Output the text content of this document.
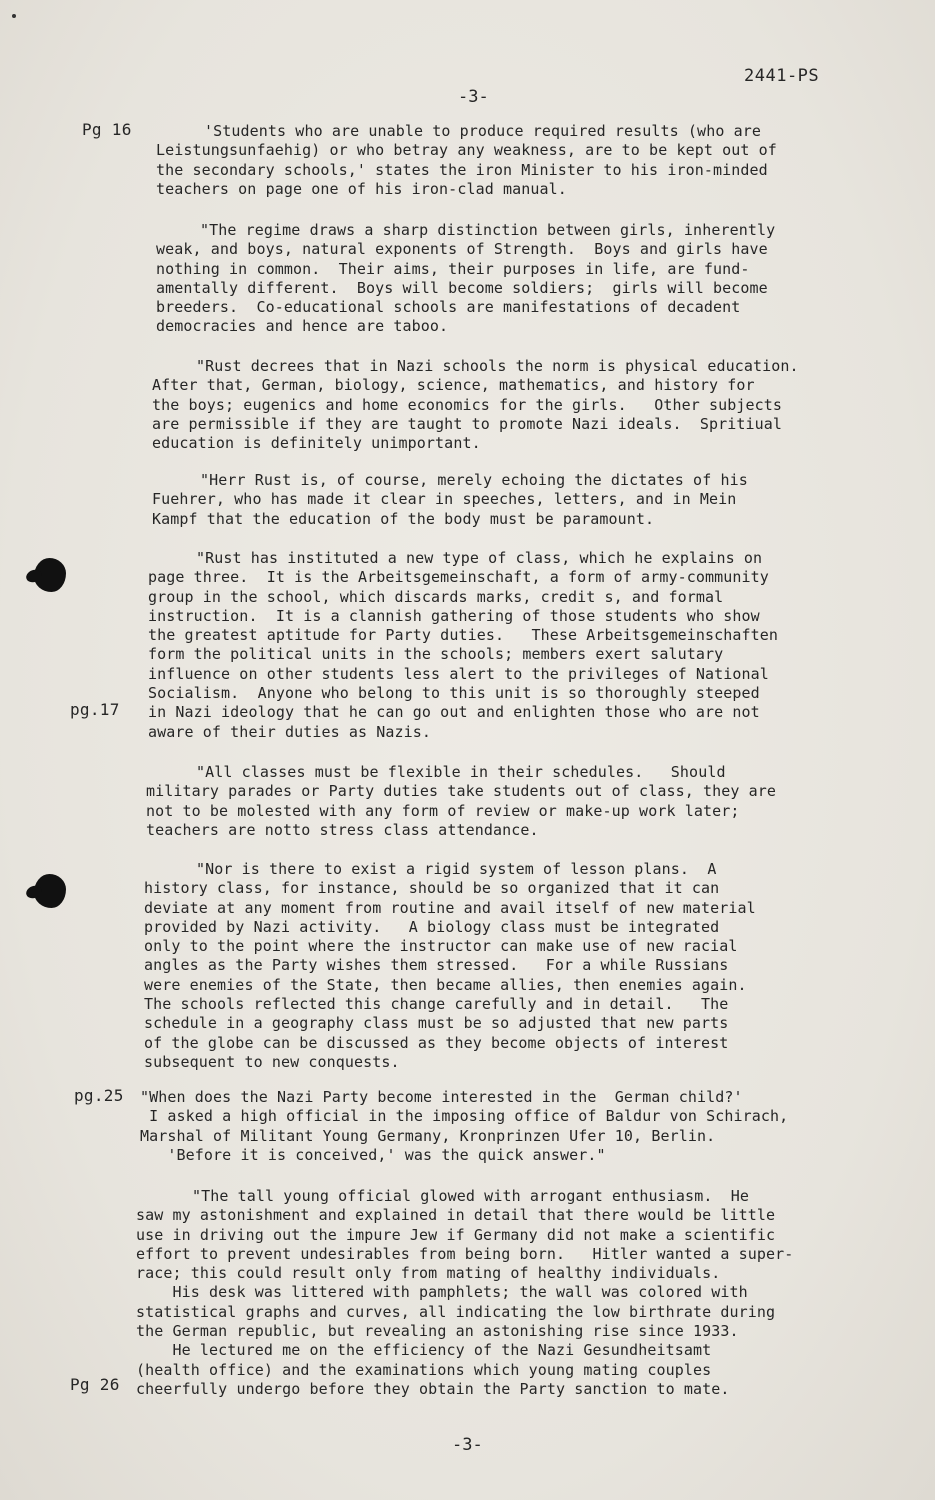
2441-PS
-3-
Pg 16
pg.17
pg.25
Pg 26
'Students who are unable to produce required results (who are
Leistungsunfaehig) or who betray any weakness, are to be kept out of
the secondary schools,' states the iron Minister to his iron-minded
teachers on page one of his iron-clad manual.
"The regime draws a sharp distinction between girls, inherently
weak, and boys, natural exponents of Strength.  Boys and girls have
nothing in common.  Their aims, their purposes in life, are fund-
amentally different.  Boys will become soldiers;  girls will become
breeders.  Co-educational schools are manifestations of decadent
democracies and hence are taboo.
"Rust decrees that in Nazi schools the norm is physical education.
After that, German, biology, science, mathematics, and history for
the boys; eugenics and home economics for the girls.   Other subjects
are permissible if they are taught to promote Nazi ideals.  Spritiual
education is definitely unimportant.
"Herr Rust is, of course, merely echoing the dictates of his
Fuehrer, who has made it clear in speeches, letters, and in Mein
Kampf that the education of the body must be paramount.
"Rust has instituted a new type of class, which he explains on
page three.  It is the Arbeitsgemeinschaft, a form of army-community
group in the school, which discards marks, credit s, and formal
instruction.  It is a clannish gathering of those students who show
the greatest aptitude for Party duties.   These Arbeitsgemeinschaften
form the political units in the schools; members exert salutary
influence on other students less alert to the privileges of National
Socialism.  Anyone who belong to this unit is so thoroughly steeped
in Nazi ideology that he can go out and enlighten those who are not
aware of their duties as Nazis.
"All classes must be flexible in their schedules.   Should
military parades or Party duties take students out of class, they are
not to be molested with any form of review or make-up work later;
teachers are notto stress class attendance.
"Nor is there to exist a rigid system of lesson plans.  A
history class, for instance, should be so organized that it can
deviate at any moment from routine and avail itself of new material
provided by Nazi activity.   A biology class must be integrated
only to the point where the instructor can make use of new racial
angles as the Party wishes them stressed.   For a while Russians
were enemies of the State, then became allies, then enemies again.
The schools reflected this change carefully and in detail.   The
schedule in a geography class must be so adjusted that new parts
of the globe can be discussed as they become objects of interest
subsequent to new conquests.
"When does the Nazi Party become interested in the  German child?'
I asked a high official in the imposing office of Baldur von Schirach,
Marshal of Militant Young Germany, Kronprinzen Ufer 10, Berlin.
'Before it is conceived,' was the quick answer."
"The tall young official glowed with arrogant enthusiasm.  He
saw my astonishment and explained in detail that there would be little
use in driving out the impure Jew if Germany did not make a scientific
effort to prevent undesirables from being born.   Hitler wanted a super-
race; this could result only from mating of healthy individuals.
His desk was littered with pamphlets; the wall was colored with
statistical graphs and curves, all indicating the low birthrate during
the German republic, but revealing an astonishing rise since 1933.
He lectured me on the efficiency of the Nazi Gesundheitsamt
(health office) and the examinations which young mating couples
cheerfully undergo before they obtain the Party sanction to mate.
-3-
